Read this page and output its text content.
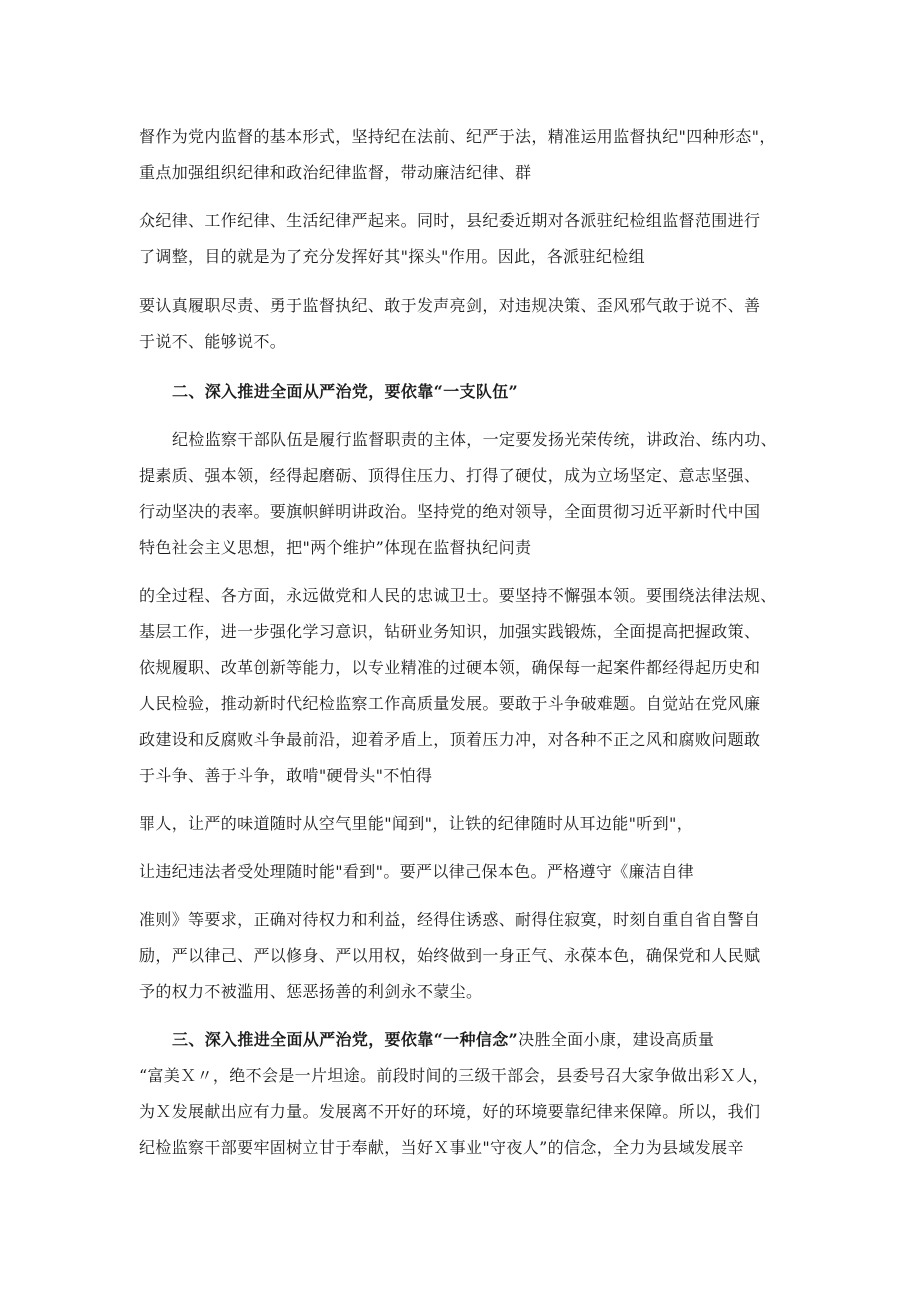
督作为党内监督的基本形式，坚持纪在法前、纪严于法，精准运用监督执纪"四种形态"，

重点加强组织纪律和政治纪律监督，带动廉洁纪律、群

众纪律、工作纪律、生活纪律严起来。同时，县纪委近期对各派驻纪检组监督范围进行

了调整，目的就是为了充分发挥好其"探头"作用。因此，各派驻纪检组

要认真履职尽责、勇于监督执纪、敢于发声亮剑，对违规决策、歪风邪气敢于说不、善

于说不、能够说不。

二、深入推进全面从严治党，要依靠“一支队伍”

纪检监察干部队伍是履行监督职责的主体，一定要发扬光荣传统，讲政治、练内功、

提素质、强本领，经得起磨砺、顶得住压力、打得了硬仗，成为立场坚定、意志坚强、

行动坚决的表率。要旗帜鲜明讲政治。坚持党的绝对领导，全面贯彻习近平新时代中国

特色社会主义思想，把"两个维护”体现在监督执纪问责

的全过程、各方面，永远做党和人民的忠诚卫士。要坚持不懈强本领。要围绕法律法规、

基层工作，进一步强化学习意识，钻研业务知识，加强实践锻炼，全面提高把握政策、

依规履职、改革创新等能力，以专业精准的过硬本领，确保每一起案件都经得起历史和

人民检验，推动新时代纪检监察工作高质量发展。要敢于斗争破难题。自觉站在党风廉

政建设和反腐败斗争最前沿，迎着矛盾上，顶着压力冲，对各种不正之风和腐败问题敢

于斗争、善于斗争，敢啃"硬骨头"不怕得

罪人，让严的味道随时从空气里能"闻到"，让铁的纪律随时从耳边能"听到"，

让违纪违法者受处理随时能"看到"。要严以律己保本色。严格遵守《廉洁自律

准则》等要求，正确对待权力和利益，经得住诱惑、耐得住寂寞，时刻自重自省自警自

励，严以律己、严以修身、严以用权，始终做到一身正气、永葆本色，确保党和人民赋

予的权力不被滥用、惩恶扬善的利剑永不蒙尘。

三、深入推进全面从严治党，要依靠“一种信念”决胜全面小康，建设高质量

“富美Ｘ〃，绝不会是一片坦途。前段时间的三级干部会，县委号召大家争做出彩Ｘ人，

为Ｘ发展献出应有力量。发展离不开好的环境，好的环境要靠纪律来保障。所以，我们

纪检监察干部要牢固树立甘于奉献，当好Ｘ事业"守夜人”的信念，全力为县域发展辛
